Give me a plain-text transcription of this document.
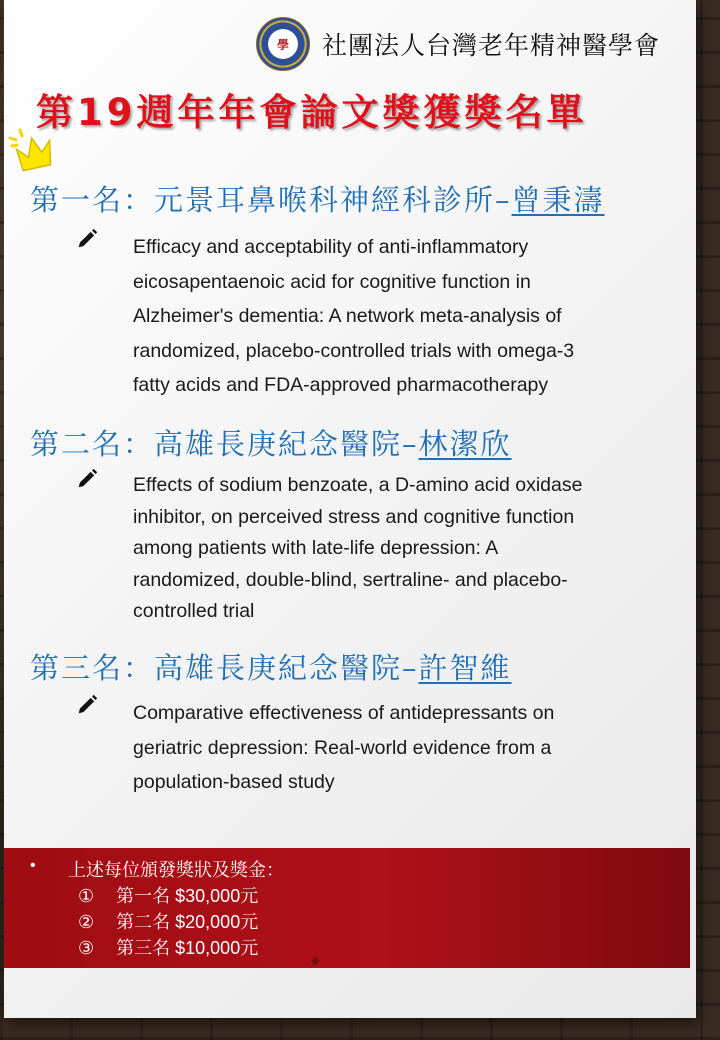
學 社團法人台灣老年精神醫學會
第19週年年會論文獎獲獎名單
第一名：元景耳鼻喉科神經科診所–曾秉濤
Efficacy and acceptability of anti-inflammatory
eicosapentaenoic acid for cognitive function in
Alzheimer's dementia: A network meta-analysis of
randomized, placebo-controlled trials with omega-3
fatty acids and FDA-approved pharmacotherapy
第二名：高雄長庚紀念醫院–林潔欣
Effects of sodium benzoate, a D-amino acid oxidase
inhibitor, on perceived stress and cognitive function
among patients with late-life depression: A
randomized, double-blind, sertraline- and placebo-
controlled trial
第三名：高雄長庚紀念醫院–許智維
Comparative effectiveness of antidepressants on
geriatric depression: Real-world evidence from a
population-based study
• 上述每位頒發獎狀及獎金：
① 第一名 $30,000元
② 第二名 $20,000元
③ 第三名 $10,000元
